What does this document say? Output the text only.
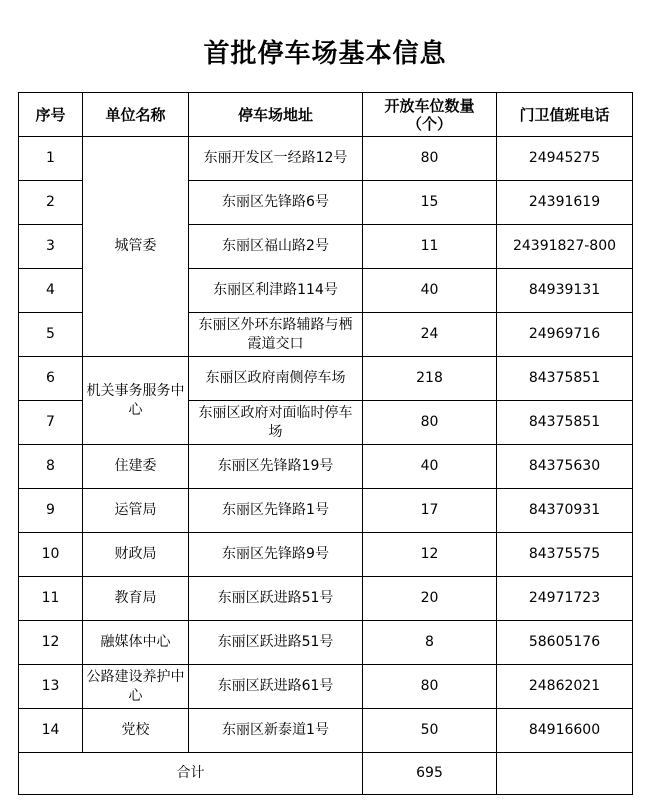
首批停车场基本信息
序号	单位名称	停车场地址	开放车位数量（个）	门卫值班电话
1	城管委	东丽开发区一经路12号	80	24945275
2		东丽区先锋路6号	15	24391619
3		东丽区福山路2号	11	24391827-800
4		东丽区利津路114号	40	84939131
5		东丽区外环东路辅路与栖霞道交口	24	24969716
6	机关事务服务中心	东丽区政府南侧停车场	218	84375851
7		东丽区政府对面临时停车场	80	84375851
8	住建委	东丽区先锋路19号	40	84375630
9	运管局	东丽区先锋路1号	17	84370931
10	财政局	东丽区先锋路9号	12	84375575
11	教育局	东丽区跃进路51号	20	24971723
12	融媒体中心	东丽区跃进路51号	8	58605176
13	公路建设养护中心	东丽区跃进路61号	80	24862021
14	党校	东丽区新泰道1号	50	84916600
合计			695	
